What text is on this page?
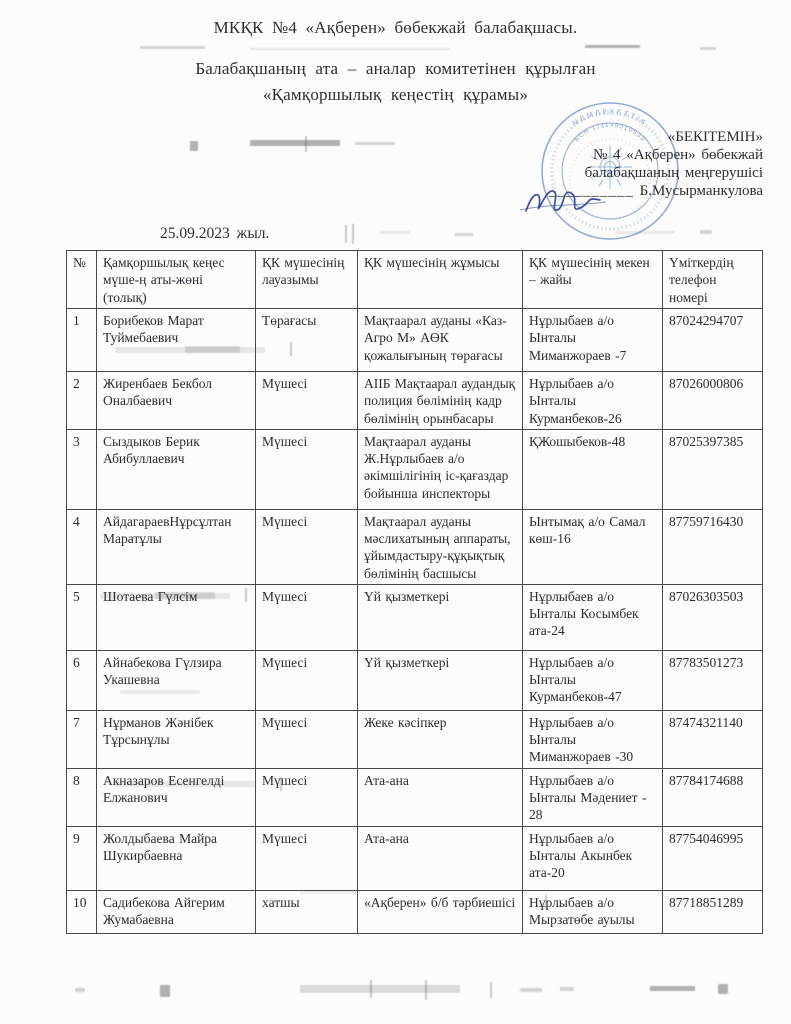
МКҚК №4 «Ақберен» бөбекжай балабақшасы.

Балабақшаның ата – аналар комитетінен құрылған

«Қамқоршылық кеңестің құрамы»

МЕМЛЕКЕТТІК
БСН 111140010533	«БЕКІТЕМІН»
№ 4 «Ақберен» бөбекжай
балабақшаның меңгерушісі
__________ Б.Мусырманкулова
25.09.2023 жыл.
№	Қамқоршылық кеңес мүше-ң аты-жөні (толық)	ҚК мүшесінің лауазымы	ҚК мүшесінің жұмысы	ҚК мүшесінің мекен – жайы	Үміткердің телефон номері
1	Борибеков Марат Туймебаевич	Төрағасы	Мақтаарал ауданы «Каз-Агро М» АӨК қожалығының төрағасы	Нұрлыбаев а/о Ынталы Миманжораев -7	87024294707
2	Жиренбаев Бекбол Оналбаевич	Мүшесі	АІІБ Мақтаарал аудандық полиция бөлімінің кадр бөлімінің орынбасары	Нұрлыбаев а/о Ынталы Курманбеков-26	87026000806
3	Сыздыков Берик Абибуллаевич	Мүшесі	Мақтаарал ауданы Ж.Нұрлыбаев а/о әкімшілігінің іс-қағаздар бойынша инспекторы	ҚЖошыбеков-48	87025397385
4	АйдагараевНұрсұлтан Маратұлы	Мүшесі	Мақтаарал ауданы мәслихатының аппараты, ұйымдастыру-құқықтық бөлімінің басшысы	Ынтымақ а/о Самал көш-16	87759716430
5	Шотаева Гүлсім	Мүшесі	Үй қызметкері	Нұрлыбаев а/о Ынталы Косымбек ата-24	87026303503
6	Айнабекова Гүлзира Укашевна	Мүшесі	Үй қызметкері	Нұрлыбаев а/о Ынталы Курманбеков-47	87783501273
7	Нұрманов Жәнібек Тұрсынұлы	Мүшесі	Жеке кәсіпкер	Нұрлыбаев а/о Ынталы Миманжораев -30	87474321140
8	Акназаров Есенгелді Елжанович	Мүшесі	Ата-ана	Нұрлыбаев а/о Ынталы Мәдениет - 28	87784174688
9	Жолдыбаева Майра Шукирбаевна	Мүшесі	Ата-ана	Нұрлыбаев а/о Ынталы Акынбек ата-20	87754046995
10	Садибекова Айгерим Жумабаевна	хатшы	«Ақберен» б/б тәрбиешісі	Нұрлыбаев а/о Мырзатөбе ауылы	87718851289
